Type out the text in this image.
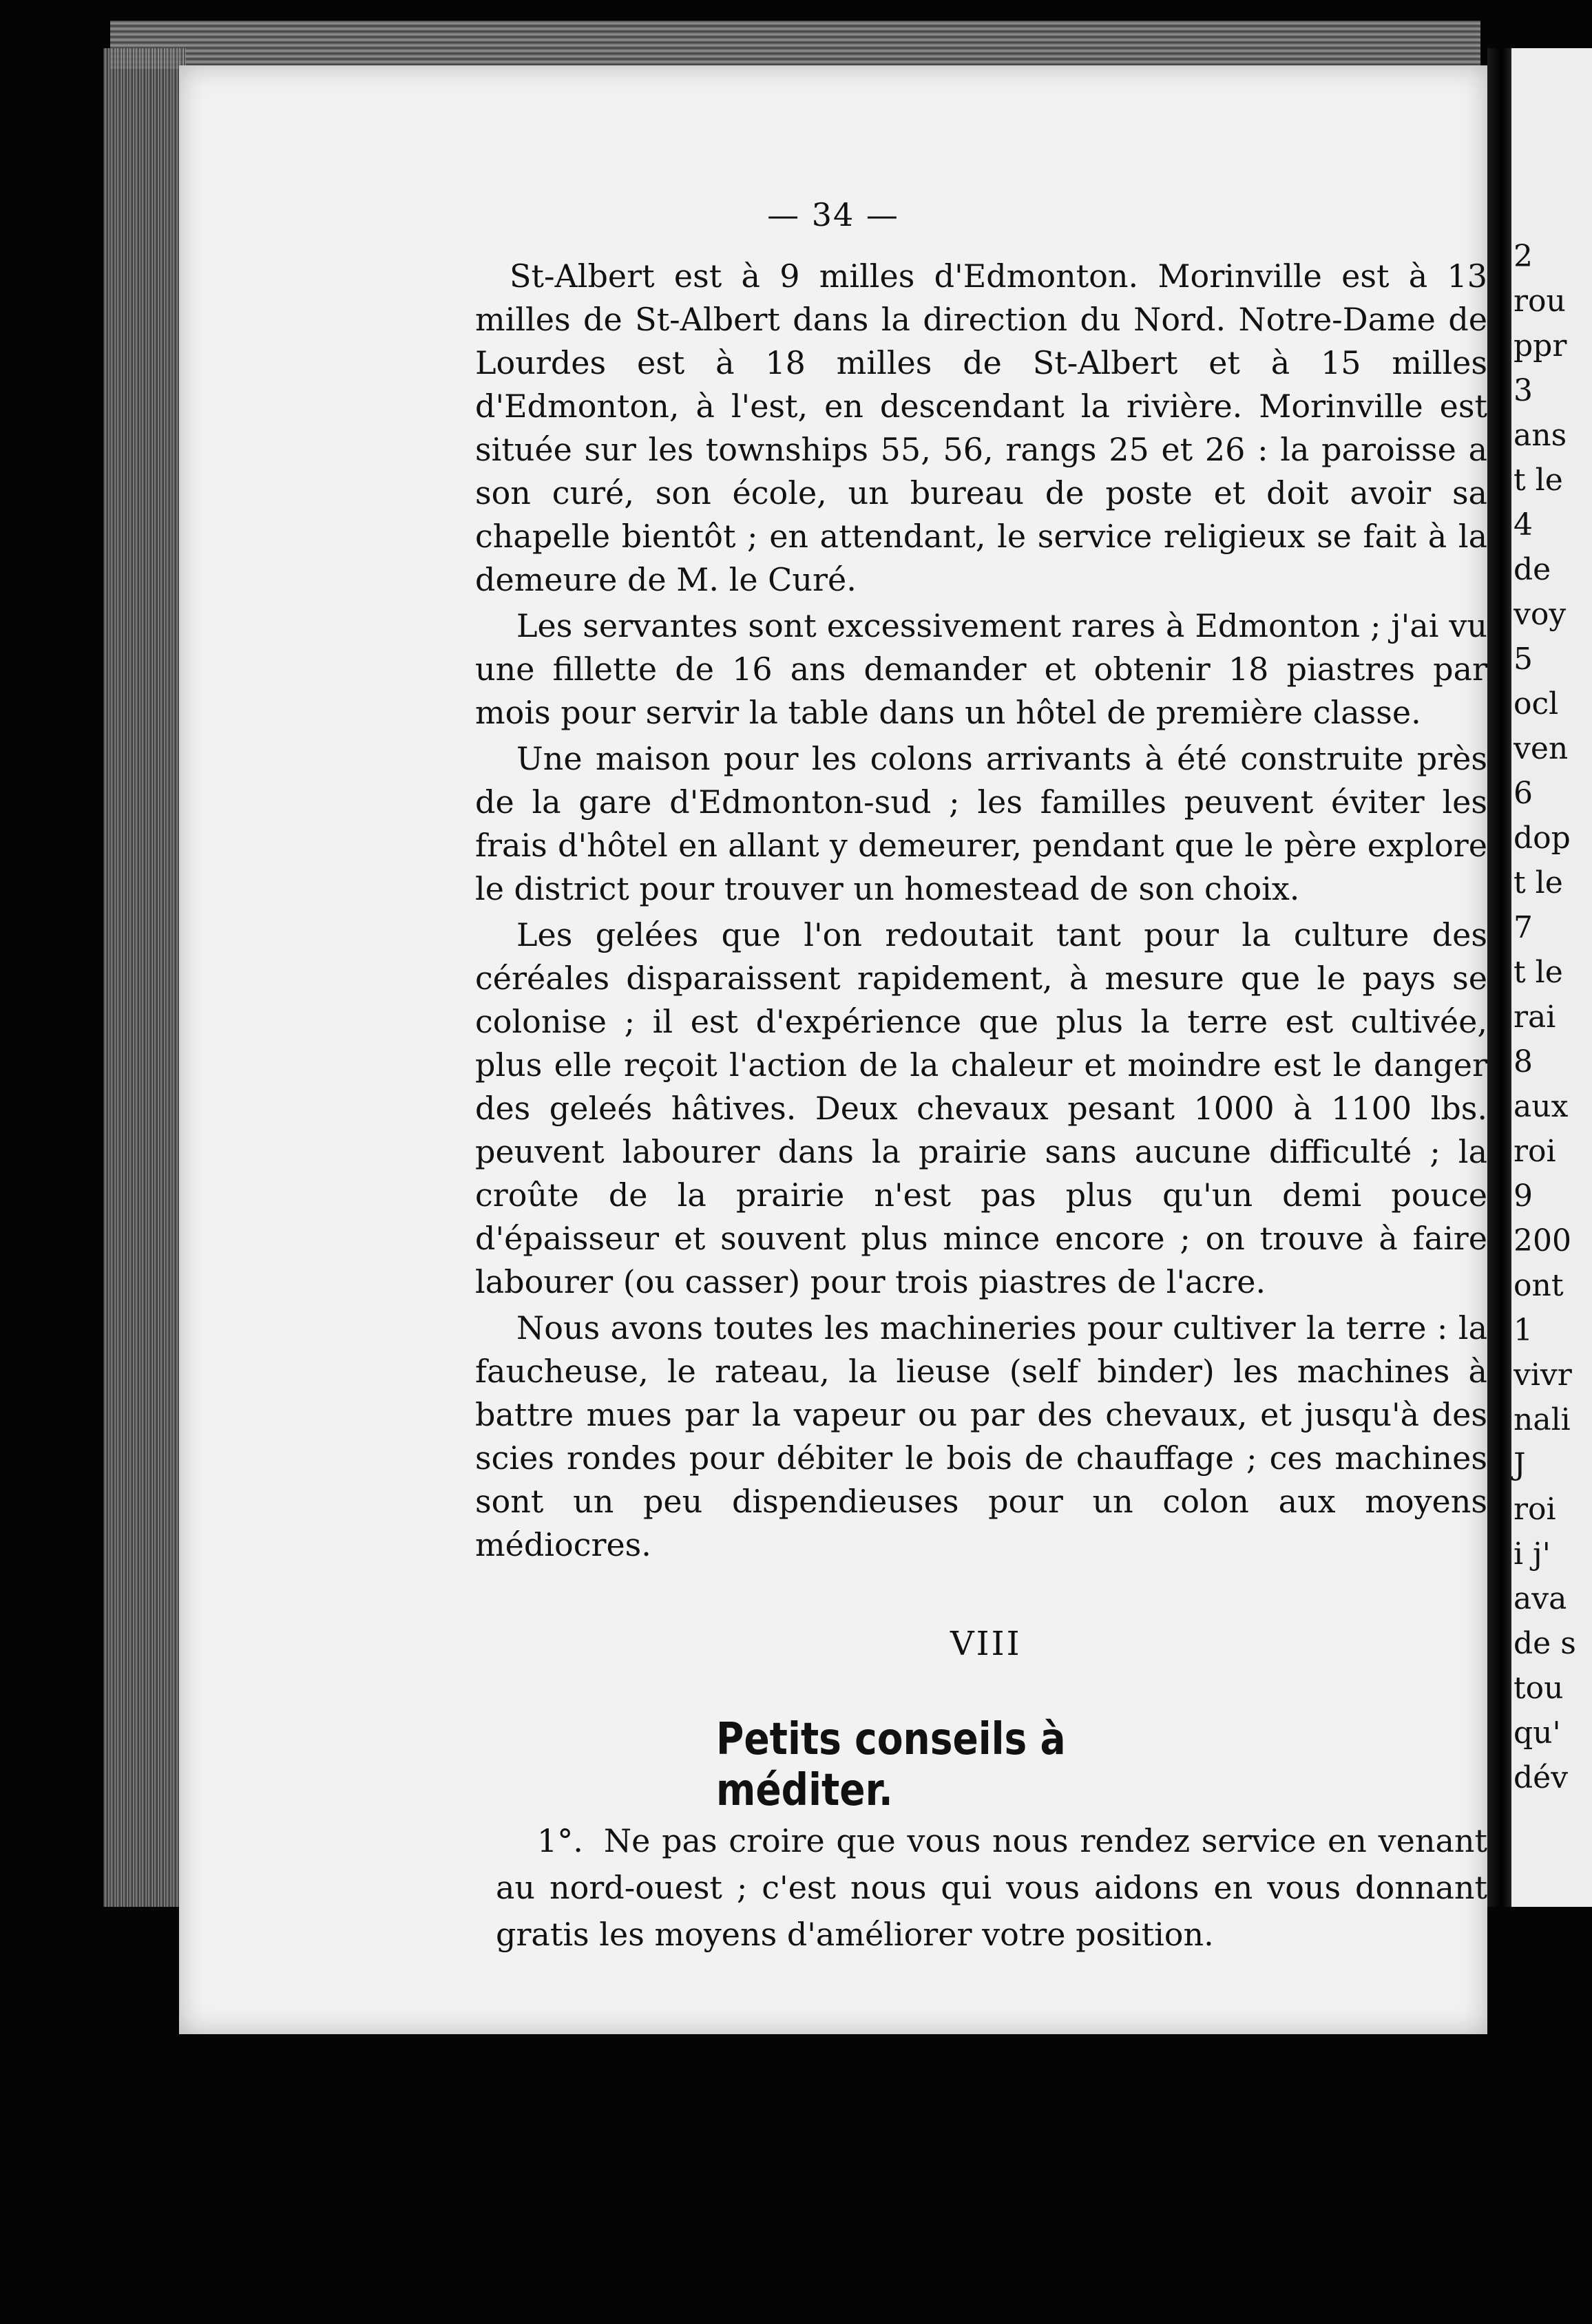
— 34 —

St-Albert est à 9 milles d'Edmonton. Morinville est à 13 milles de St-Albert dans la direction du Nord. Notre-Dame de Lourdes est à 18 milles de St-Albert et à 15 milles d'Edmonton, à l'est, en descendant la rivière. Morinville est située sur les townships 55, 56, rangs 25 et 26 : la paroisse a son curé, son école, un bureau de poste et doit avoir sa chapelle bientôt ; en attendant, le service religieux se fait à la demeure de M. le Curé.

Les servantes sont excessivement rares à Edmonton ; j'ai vu une fillette de 16 ans demander et obtenir 18 piastres par mois pour servir la table dans un hôtel de première classe.

Une maison pour les colons arrivants à été construite près de la gare d'Edmonton-sud ; les familles peuvent éviter les frais d'hôtel en allant y demeurer, pendant que le père explore le district pour trouver un homestead de son choix.

Les gelées que l'on redoutait tant pour la culture des céréales disparaissent rapidement, à mesure que le pays se colonise ; il est d'expérience que plus la terre est cultivée, plus elle reçoit l'action de la chaleur et moindre est le danger des geleés hâtives. Deux chevaux pesant 1000 à 1100 lbs. peuvent labourer dans la prairie sans aucune difficulté ; la croûte de la prairie n'est pas plus qu'un demi pouce d'épaisseur et souvent plus mince encore ; on trouve à faire labourer (ou casser) pour trois piastres de l'acre.

Nous avons toutes les machineries pour cultiver la terre : la faucheuse, le rateau, la lieuse (self binder) les machines à battre mues par la vapeur ou par des chevaux, et jusqu'à des scies rondes pour débiter le bois de chauffage ; ces machines sont un peu dispendieuses pour un colon aux moyens médiocres.

VIII
Petits conseils à méditer.
1°. Ne pas croire que vous nous rendez service en venant au nord-ouest ; c'est nous qui vous aidons en vous donnant gratis les moyens d'améliorer votre position.
2
rou
ppr
3
ans
t le
4
de
voy
5
ocl
ven
6
dop
t le
7
t le
rai
8
aux
roi
9
200
ont
1
vivr
nali
J
roi
i j'
ava
de s
tou
qu'
dév
